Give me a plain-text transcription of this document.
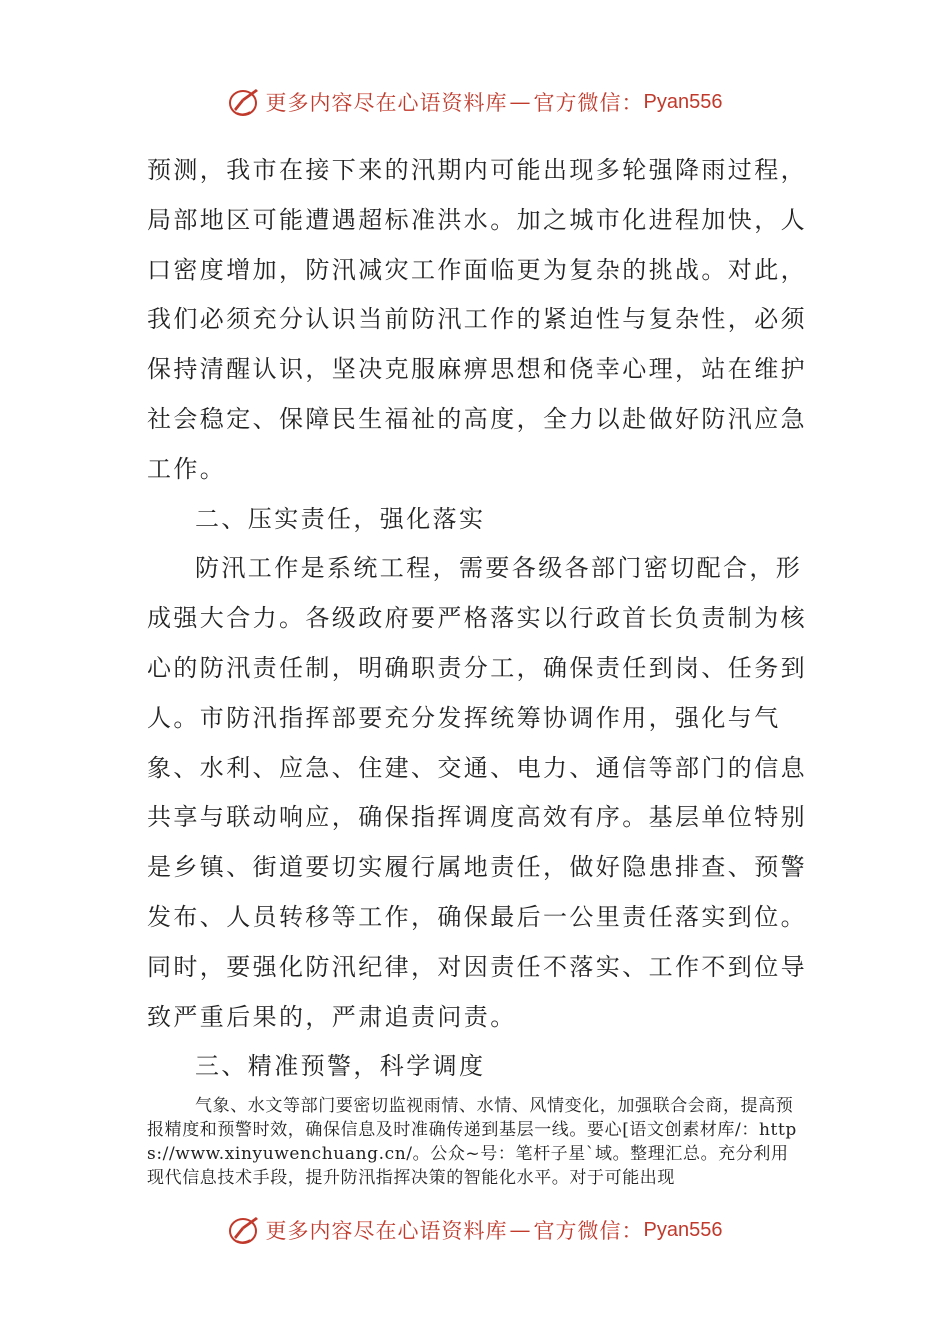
更多内容尽在心语资料库 — 官方微信： Pyan556

预测，我市在接下来的汛期内可能出现多轮强降雨过程，局部地区可能遭遇超标准洪水。加之城市化进程加快，人口密度增加，防汛减灾工作面临更为复杂的挑战。对此，我们必须充分认识当前防汛工作的紧迫性与复杂性，必须保持清醒认识，坚决克服麻痹思想和侥幸心理，站在维护社会稳定、保障民生福祉的高度，全力以赴做好防汛应急工作。

二、压实责任，强化落实

防汛工作是系统工程，需要各级各部门密切配合，形成强大合力。各级政府要严格落实以行政首长负责制为核心的防汛责任制，明确职责分工，确保责任到岗、任务到人。市防汛指挥部要充分发挥统筹协调作用，强化与气象、水利、应急、住建、交通、电力、通信等部门的信息共享与联动响应，确保指挥调度高效有序。基层单位特别是乡镇、街道要切实履行属地责任，做好隐患排查、预警发布、人员转移等工作，确保最后一公里责任落实到位。同时，要强化防汛纪律，对因责任不落实、工作不到位导致严重后果的，严肃追责问责。

三、精准预警，科学调度

气象、水文等部门要密切监视雨情、水情、风情变化，加强联合会商，提高预报精度和预警时效，确保信息及时准确传递到基层一线。要心[语文创素材库/：https://www.xinyuwenchuang.cn/。公众~号：笔杆子星`域。整理汇总。充分利用现代信息技术手段，提升防汛指挥决策的智能化水平。对于可能出现

更多内容尽在心语资料库 — 官方微信： Pyan556
